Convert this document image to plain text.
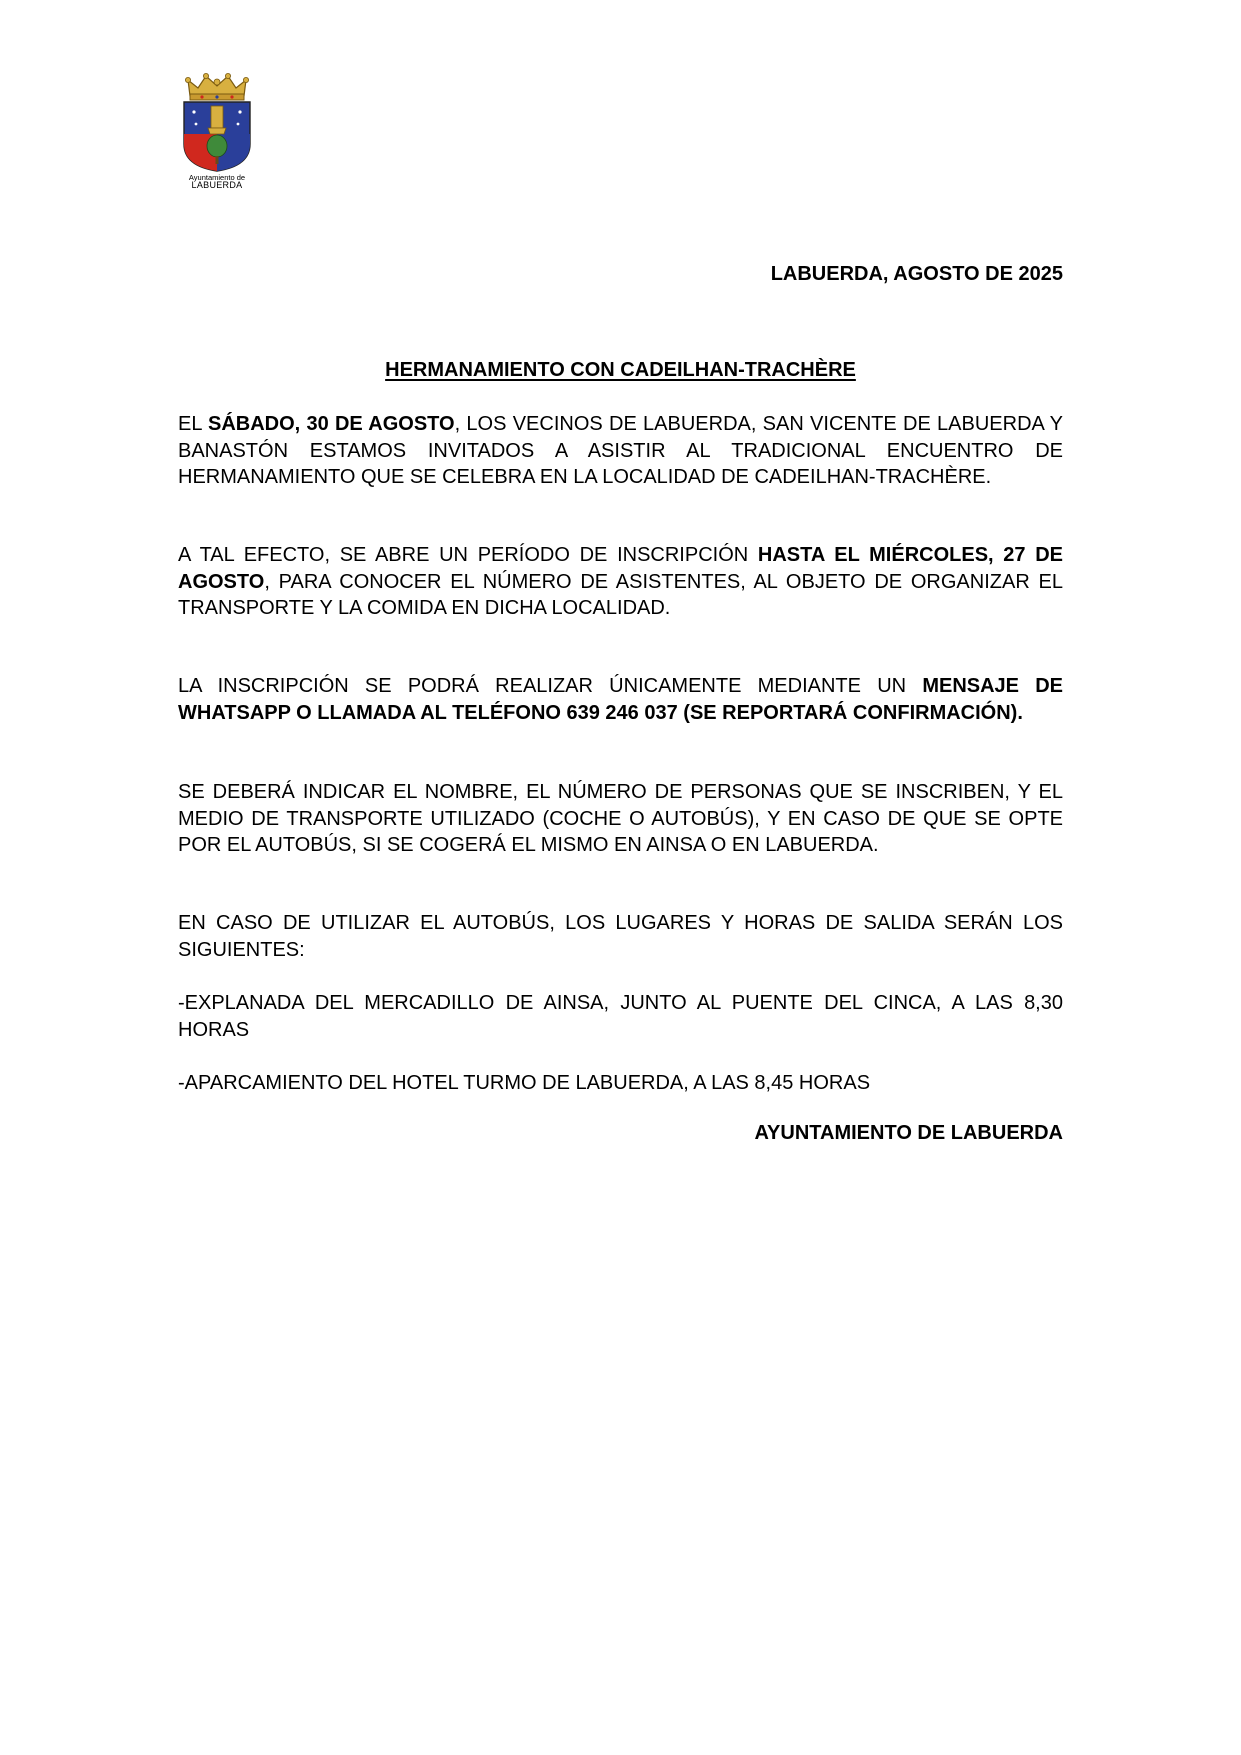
Ayuntamiento de
LABUERDA
LABUERDA, AGOSTO DE 2025
HERMANAMIENTO CON CADEILHAN-TRACHÈRE
EL SÁBADO, 30 DE AGOSTO, LOS VECINOS DE LABUERDA, SAN VICENTE DE LABUERDA Y BANASTÓN ESTAMOS INVITADOS A ASISTIR AL TRADICIONAL ENCUENTRO DE HERMANAMIENTO QUE SE CELEBRA EN LA LOCALIDAD DE CADEILHAN-TRACHÈRE.
A TAL EFECTO, SE ABRE UN PERÍODO DE INSCRIPCIÓN HASTA EL MIÉRCOLES, 27 DE AGOSTO, PARA CONOCER EL NÚMERO DE ASISTENTES, AL OBJETO DE ORGANIZAR EL TRANSPORTE Y LA COMIDA EN DICHA LOCALIDAD.
LA INSCRIPCIÓN SE PODRÁ REALIZAR ÚNICAMENTE MEDIANTE UN MENSAJE DE WHATSAPP O LLAMADA AL TELÉFONO 639 246 037 (SE REPORTARÁ CONFIRMACIÓN).
SE DEBERÁ INDICAR EL NOMBRE, EL NÚMERO DE PERSONAS QUE SE INSCRIBEN, Y EL MEDIO DE TRANSPORTE UTILIZADO (COCHE O AUTOBÚS), Y EN CASO DE QUE SE OPTE POR EL AUTOBÚS, SI SE COGERÁ EL MISMO EN AINSA O EN LABUERDA.
EN CASO DE UTILIZAR EL AUTOBÚS, LOS LUGARES Y HORAS DE SALIDA SERÁN LOS SIGUIENTES:
-EXPLANADA DEL MERCADILLO DE AINSA, JUNTO AL PUENTE DEL CINCA, A LAS 8,30 HORAS
-APARCAMIENTO DEL HOTEL TURMO DE LABUERDA, A LAS 8,45 HORAS
AYUNTAMIENTO DE LABUERDA
